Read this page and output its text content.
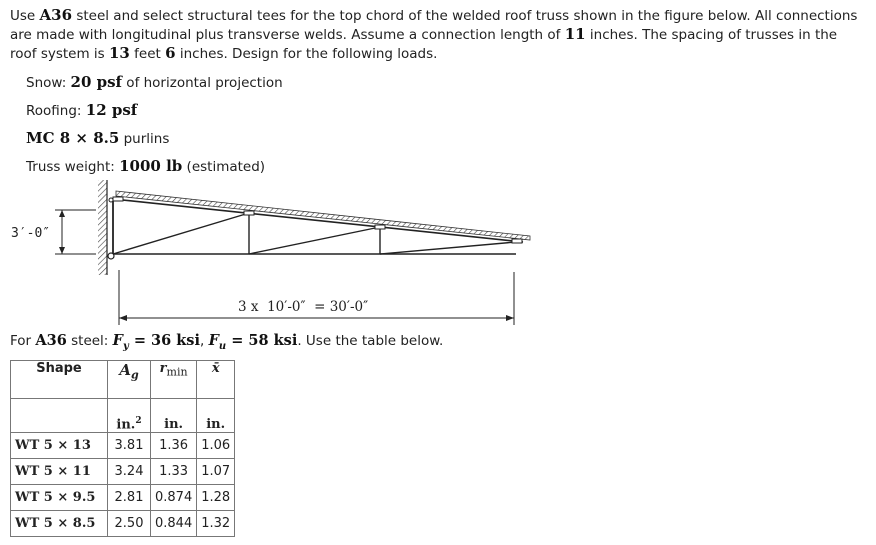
Use A36 steel and select structural tees for the top chord of the welded roof truss shown in the figure below. All connections are made with longitudinal plus transverse welds. Assume a connection length of 11 inches. The spacing of trusses in the roof system is 13 feet 6 inches. Design for the following loads.
Snow: 20 psf of horizontal projection
Roofing: 12 psf
MC 8 × 8.5 purlins
Truss weight: 1000 lb (estimated)
3′-0″
3 x  10′-0″  = 30′-0″
For A36 steel: $F_y = 36$ ksi, $F_u = 58$ ksi. Use the table below.
Shape	$A_g$	$r_{min}$	x̄
	in.$^2$	in.	in.
WT 5 × 13	3.81	1.36	1.06
WT 5 × 11	3.24	1.33	1.07
WT 5 × 9.5	2.81	0.874	1.28
WT 5 × 8.5	2.50	0.844	1.32
